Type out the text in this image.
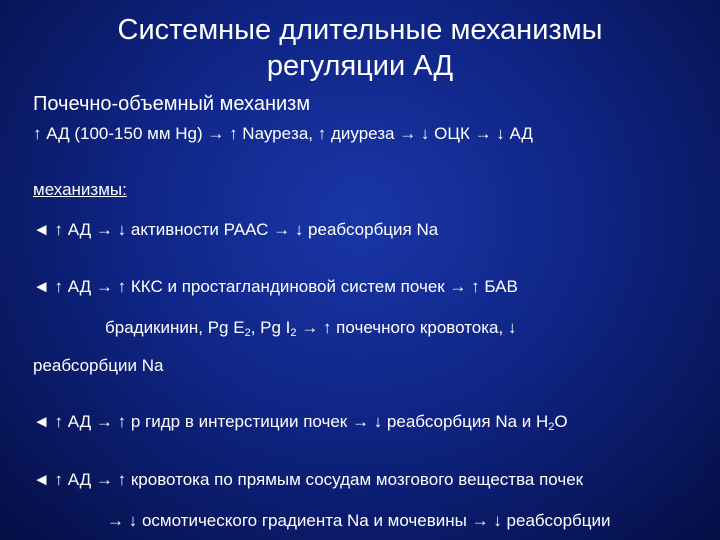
Системные длительные механизмы
регуляции АД
Почечно-объемный механизм
↑ АД (100-150 мм Hg) → ↑ Nаурeза, ↑ диуреза → ↓ ОЦК → ↓ АД
механизмы:
◄ ↑ АД → ↓ активности РААС → ↓ реабсорбция Na
◄ ↑ АД → ↑ ККС и простагландиновой систем почек → ↑ БАВ
брадикинин, Pg $E_2$, Pg $I_2$ → ↑ почечного кровотока, ↓
реабсорбции Na
◄ ↑ АД → ↑ p гидр в интерстиции почек → ↓ реабсорбция Na и $H_2O$
◄ ↑ АД → ↑ кровотока по прямым сосудам мозгового вещества почек
→ ↓ осмотического градиента Na и мочевины → ↓ реабсорбции
